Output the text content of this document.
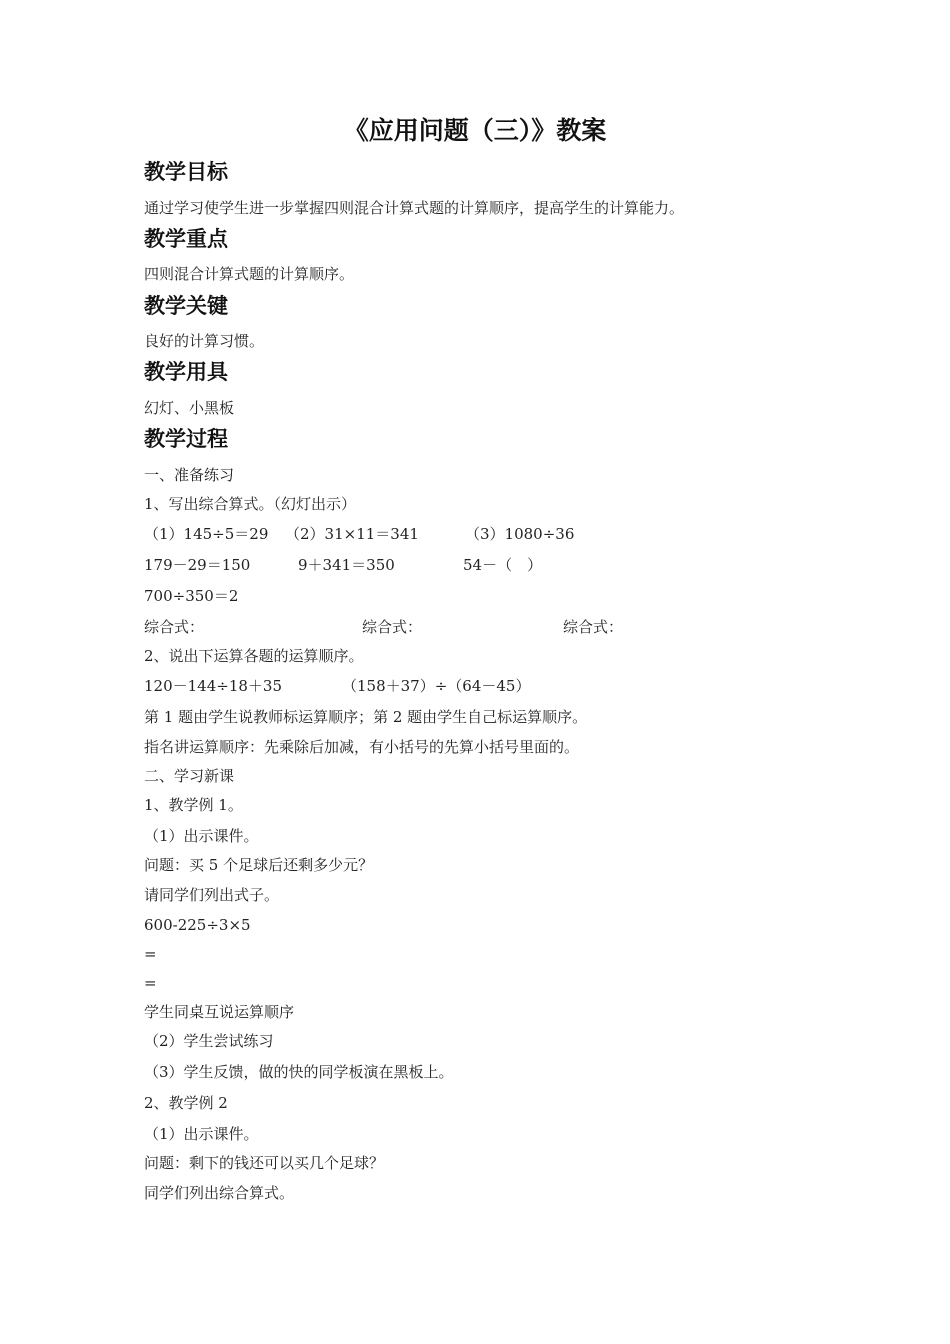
《应用问题（三）》教案
教学目标
通过学习使学生进一步掌握四则混合计算式题的计算顺序，提高学生的计算能力。
教学重点
四则混合计算式题的计算顺序。
教学关键
良好的计算习惯。
教学用具
幻灯、小黑板
教学过程
一、准备练习
1、写出综合算式。（幻灯出示）
（1）145÷5＝29 （2）31×11＝341	（3）1080÷36
179－29＝150	9＋341＝350	54－（　）
700÷350＝2
综合式：	综合式：	综合式：
2、说出下运算各题的运算顺序。
120－144÷18＋35	（158＋37）÷（64－45）
第 1 题由学生说教师标运算顺序；第 2 题由学生自己标运算顺序。
指名讲运算顺序：先乘除后加减，有小括号的先算小括号里面的。
二、学习新课
1、教学例 1。
（1）出示课件。
问题：买 5 个足球后还剩多少元？
请同学们列出式子。
600-225÷3×5
=
=
学生同桌互说运算顺序
（2）学生尝试练习
（3）学生反馈，做的快的同学板演在黑板上。
2、教学例 2
（1）出示课件。
问题：剩下的钱还可以买几个足球？
同学们列出综合算式。
